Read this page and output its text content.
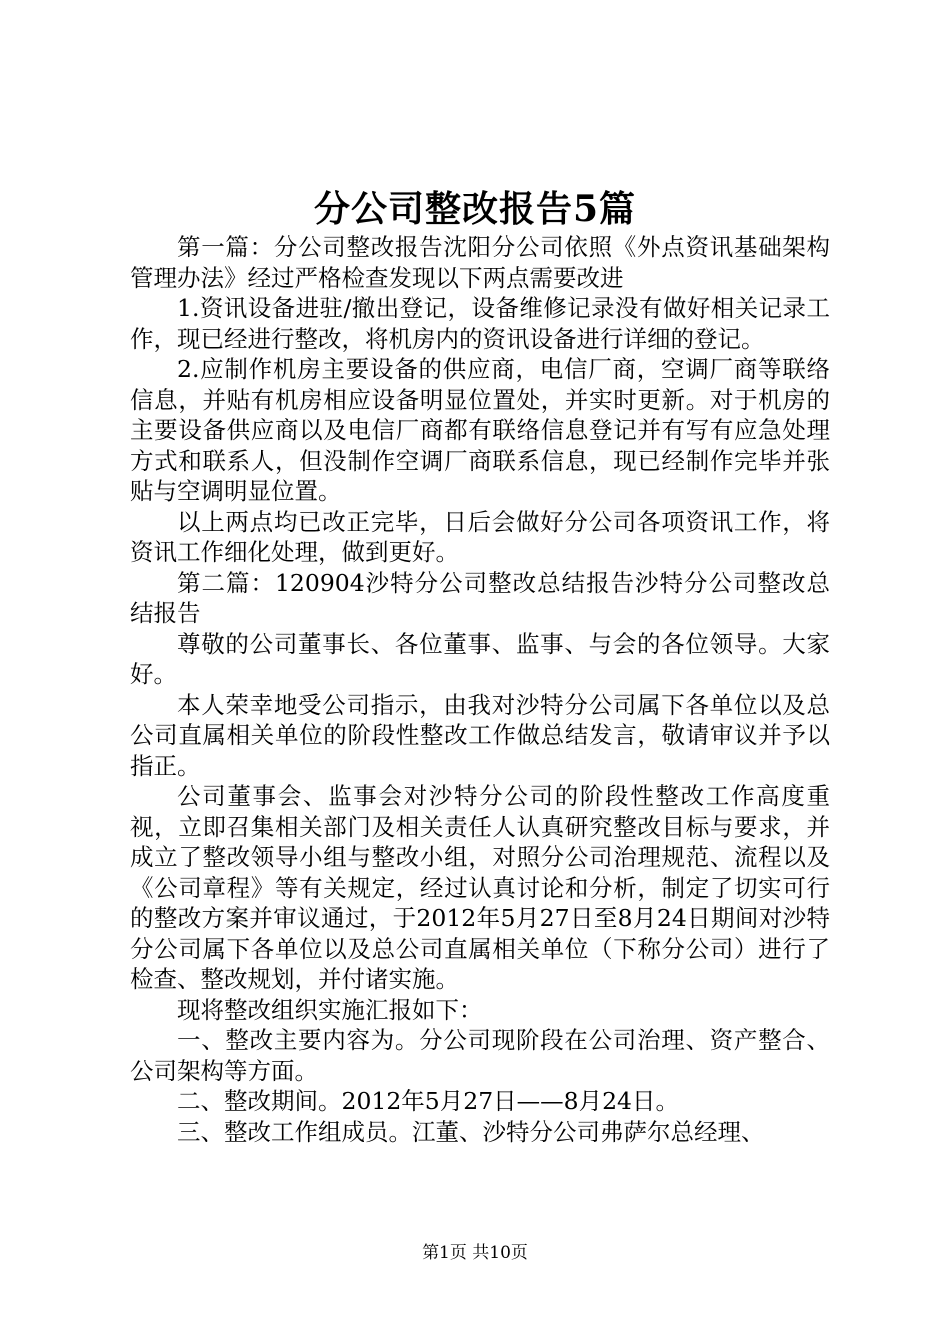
分公司整改报告5篇

第一篇：分公司整改报告沈阳分公司依照《外点资讯基础架构管理办法》经过严格检查发现以下两点需要改进

1.资讯设备进驻/撤出登记，设备维修记录没有做好相关记录工作，现已经进行整改，将机房内的资讯设备进行详细的登记。

2.应制作机房主要设备的供应商，电信厂商，空调厂商等联络信息，并贴有机房相应设备明显位置处，并实时更新。对于机房的主要设备供应商以及电信厂商都有联络信息登记并有写有应急处理方式和联系人，但没制作空调厂商联系信息，现已经制作完毕并张贴与空调明显位置。

以上两点均已改正完毕，日后会做好分公司各项资讯工作，将资讯工作细化处理，做到更好。

第二篇：120904沙特分公司整改总结报告沙特分公司整改总结报告

尊敬的公司董事长、各位董事、监事、与会的各位领导。大家好。

本人荣幸地受公司指示，由我对沙特分公司属下各单位以及总公司直属相关单位的阶段性整改工作做总结发言，敬请审议并予以指正。

公司董事会、监事会对沙特分公司的阶段性整改工作高度重视，立即召集相关部门及相关责任人认真研究整改目标与要求，并成立了整改领导小组与整改小组，对照分公司治理规范、流程以及《公司章程》等有关规定，经过认真讨论和分析，制定了切实可行的整改方案并审议通过，于2012年5月27日至8月24日期间对沙特分公司属下各单位以及总公司直属相关单位（下称分公司）进行了检查、整改规划，并付诸实施。

现将整改组织实施汇报如下：

一、整改主要内容为。分公司现阶段在公司治理、资产整合、公司架构等方面。

二、整改期间。2012年5月27日——8月24日。

三、整改工作组成员。江董、沙特分公司弗萨尔总经理、

第1页 共10页
